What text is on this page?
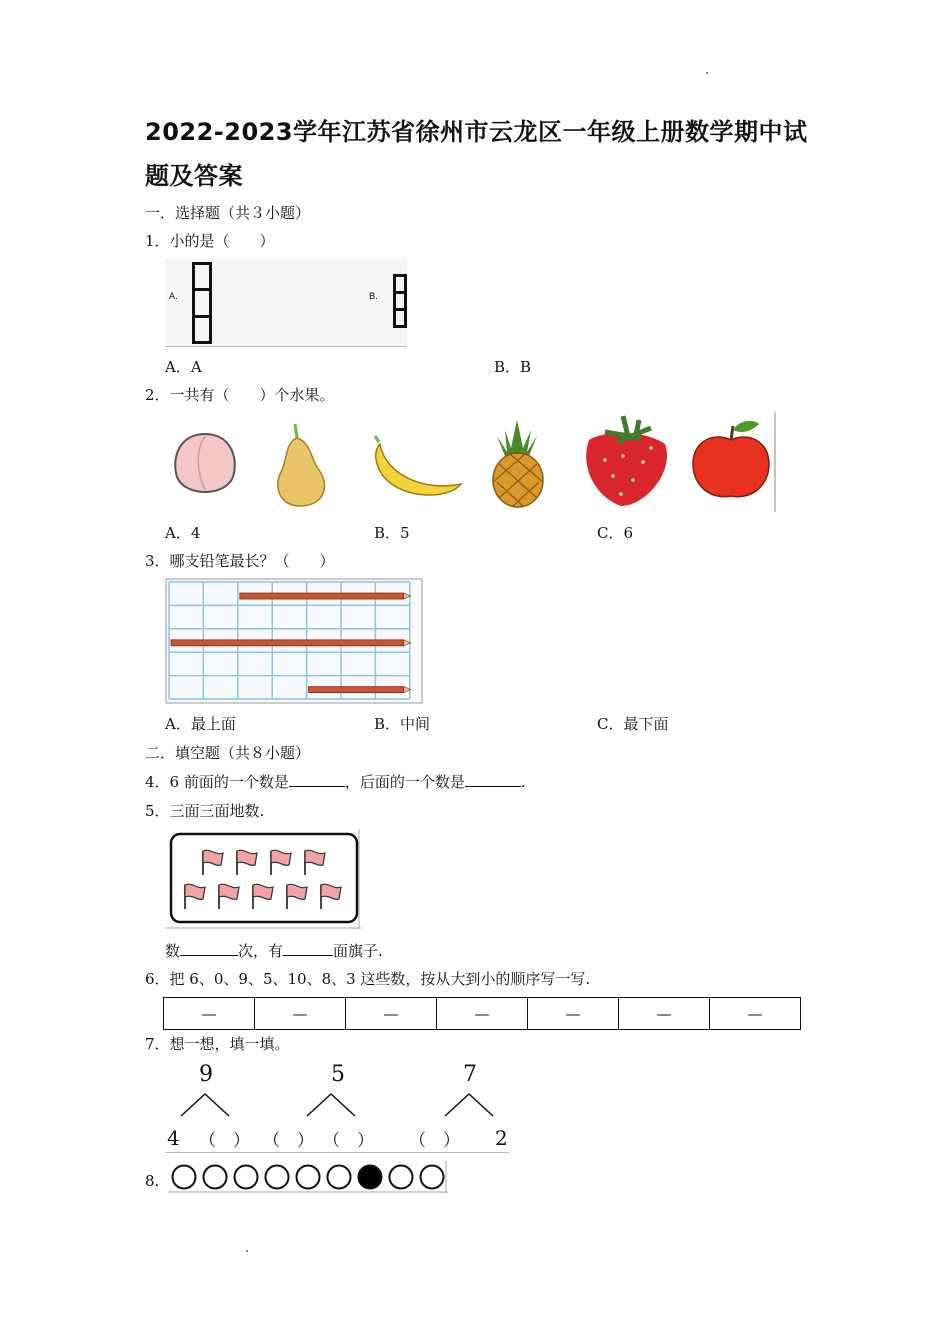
2022-2023学年江苏省徐州市云龙区一年级上册数学期中试题及答案
一．选择题（共３小题）
1．小的是（　　）
A.	B.
A．A	B．B
2．一共有（　　）个水果。
A．4	B．5	C．6
3．哪支铅笔最长？（　　）
A．最上面	B．中间	C．最下面
二．填空题（共８小题）
4．6 前面的一个数是	，后面的一个数是	.
5．三面三面地数.
数	次，有	面旗子.
6．把 6、0、9、5、10、8、3 这些数，按从大到小的顺序写一写.
—	—	—	—	—	—	—
7．想一想，填一填。
9
4 （　）
5
（　） （　）
7
（　） 2
8.
